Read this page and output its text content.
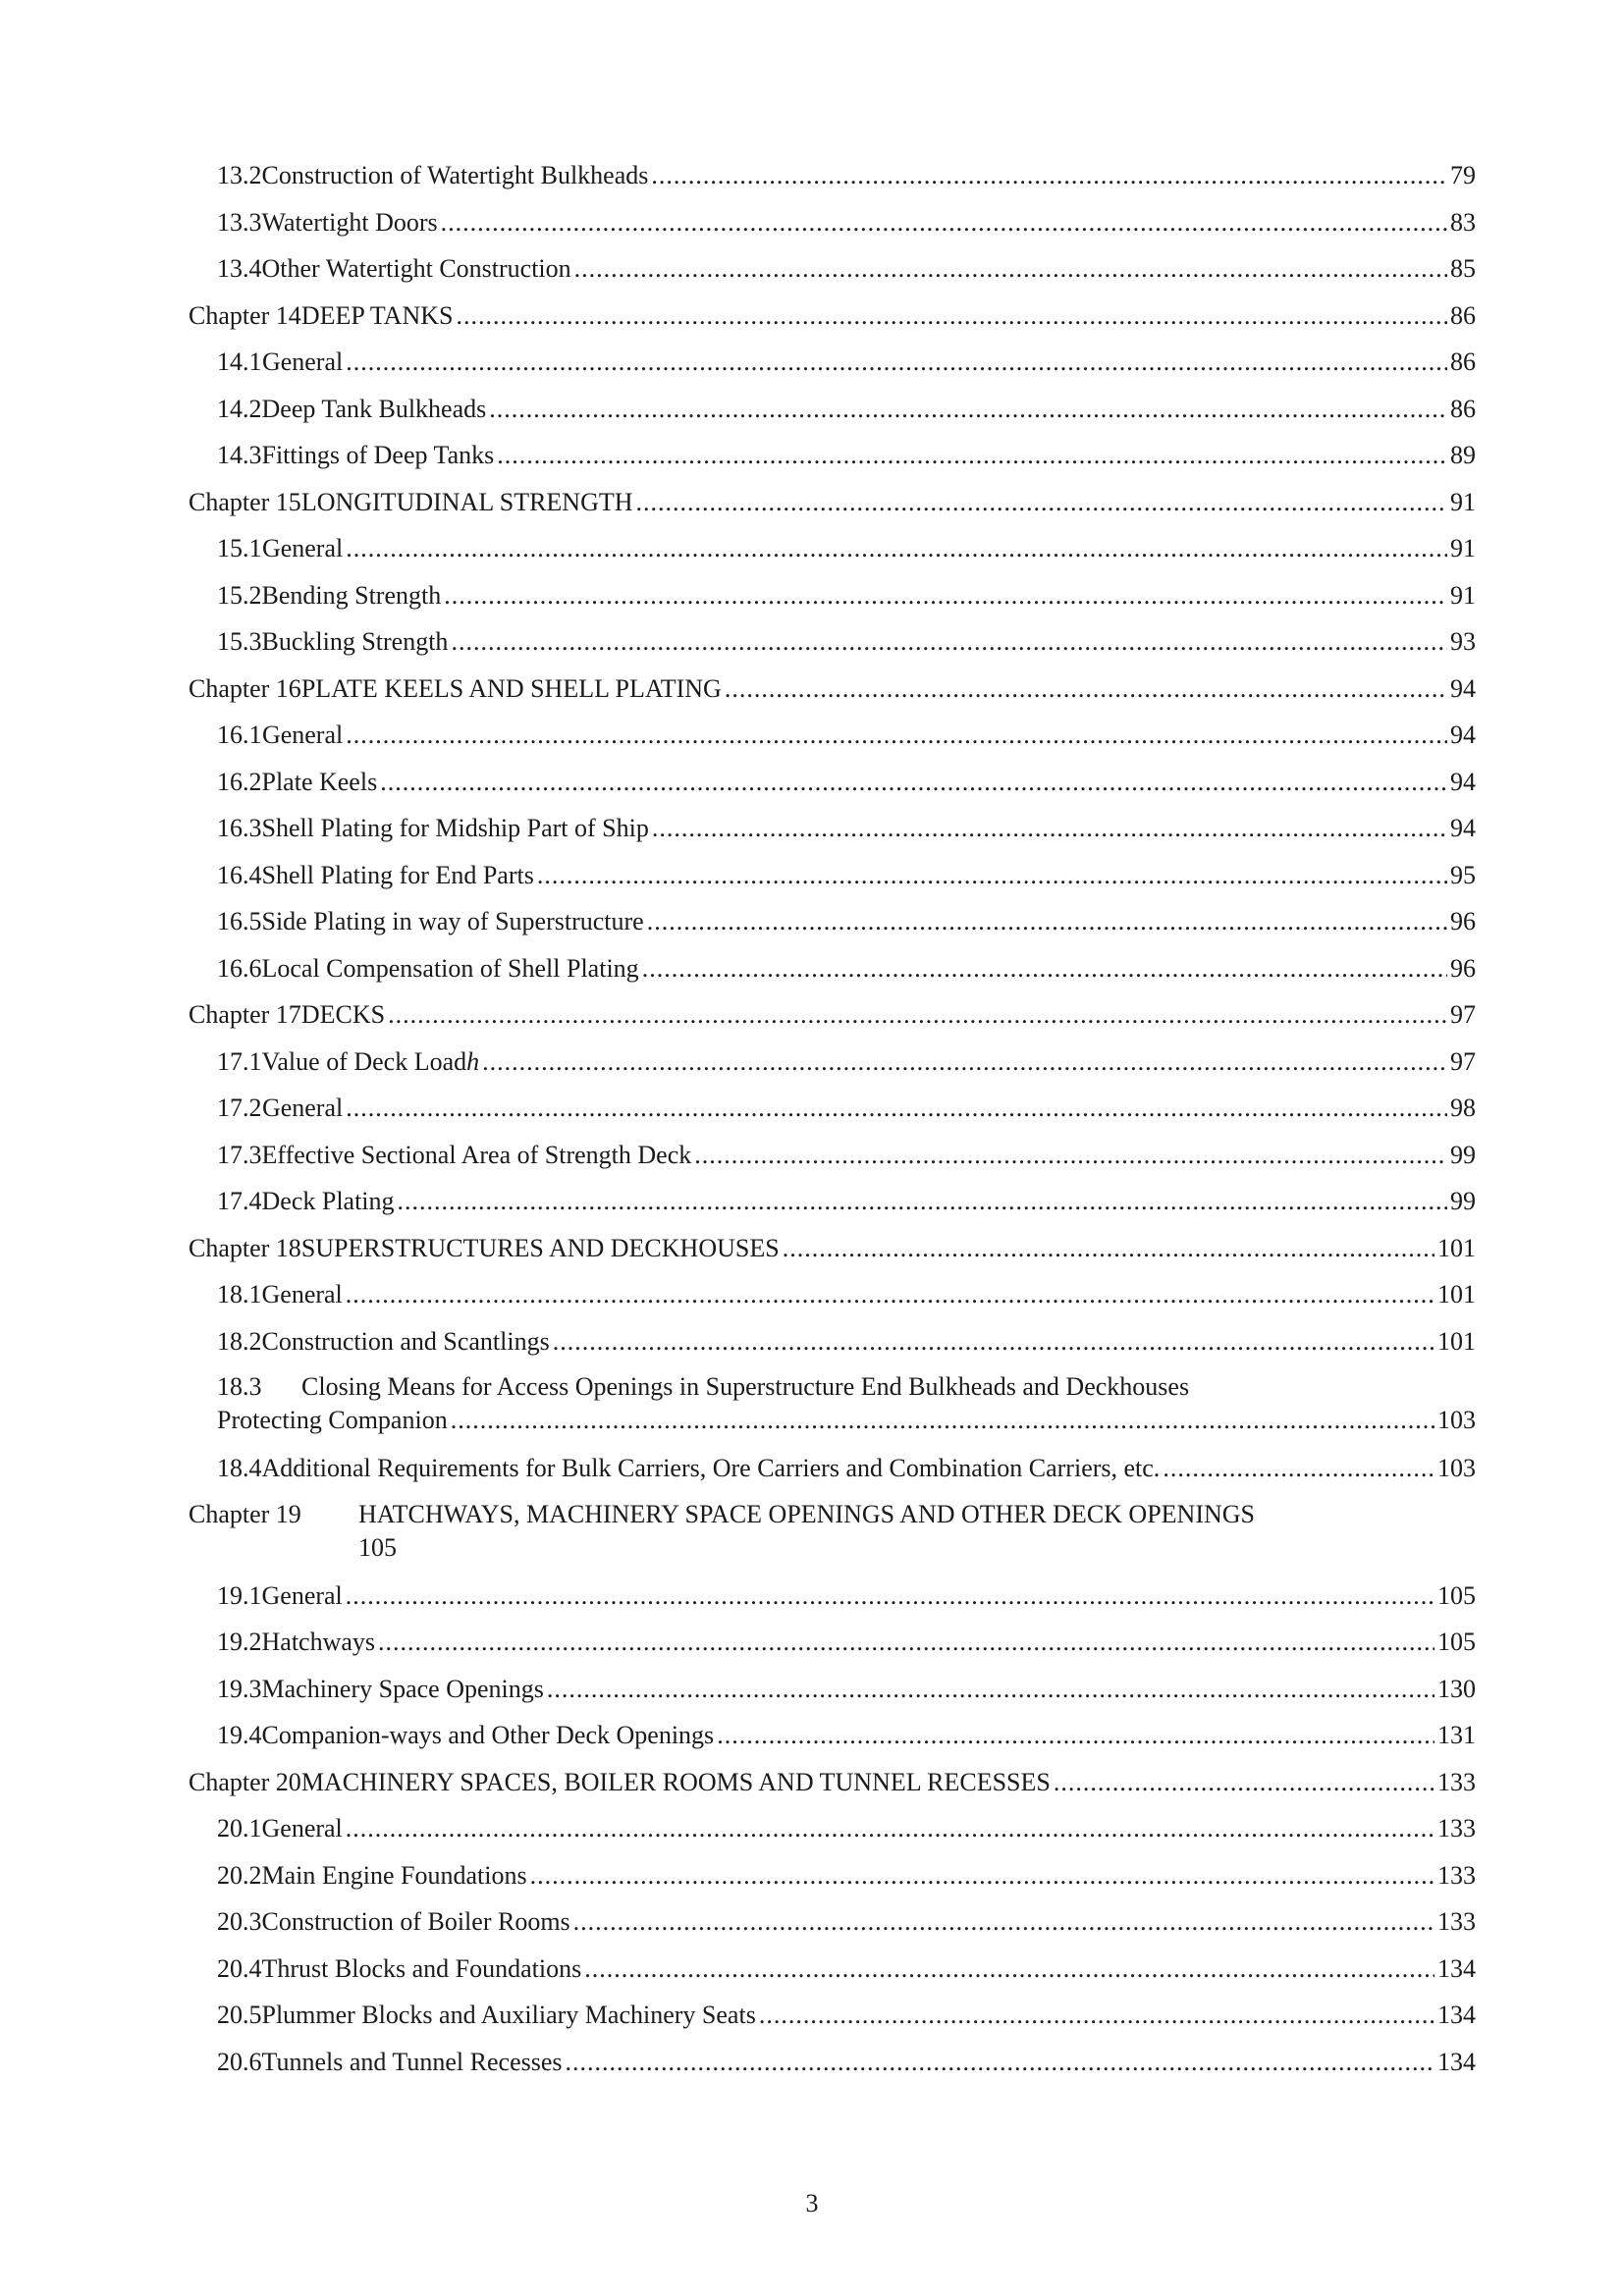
13.2 Construction of Watertight Bulkheads .....	79
13.3 Watertight Doors .....	83
13.4 Other Watertight Construction .....	85
Chapter 14 DEEP TANKS .....	86
14.1 General .....	86
14.2 Deep Tank Bulkheads .....	86
14.3 Fittings of Deep Tanks .....	89
Chapter 15 LONGITUDINAL STRENGTH .....	91
15.1 General .....	91
15.2 Bending Strength .....	91
15.3 Buckling Strength .....	93
Chapter 16 PLATE KEELS AND SHELL PLATING .....	94
16.1 General .....	94
16.2 Plate Keels .....	94
16.3 Shell Plating for Midship Part of Ship .....	94
16.4 Shell Plating for End Parts .....	95
16.5 Side Plating in way of Superstructure .....	96
16.6 Local Compensation of Shell Plating .....	96
Chapter 17 DECKS .....	97
17.1 Value of Deck Load h .....	97
17.2 General .....	98
17.3 Effective Sectional Area of Strength Deck .....	99
17.4 Deck Plating .....	99
Chapter 18 SUPERSTRUCTURES AND DECKHOUSES .....	101
18.1 General .....	101
18.2 Construction and Scantlings .....	101
18.3	Closing Means for Access Openings in Superstructure End Bulkheads and Deckhouses
Protecting Companion .....	103
18.4 Additional Requirements for Bulk Carriers, Ore Carriers and Combination Carriers, etc. .....	103
Chapter 19	HATCHWAYS, MACHINERY SPACE OPENINGS AND OTHER DECK OPENINGS
105
19.1 General .....	105
19.2 Hatchways .....	105
19.3 Machinery Space Openings .....	130
19.4 Companion-ways and Other Deck Openings .....	131
Chapter 20 MACHINERY SPACES, BOILER ROOMS AND TUNNEL RECESSES .....	133
20.1 General .....	133
20.2 Main Engine Foundations .....	133
20.3 Construction of Boiler Rooms .....	133
20.4 Thrust Blocks and Foundations .....	134
20.5 Plummer Blocks and Auxiliary Machinery Seats .....	134
20.6 Tunnels and Tunnel Recesses .....	134
3
